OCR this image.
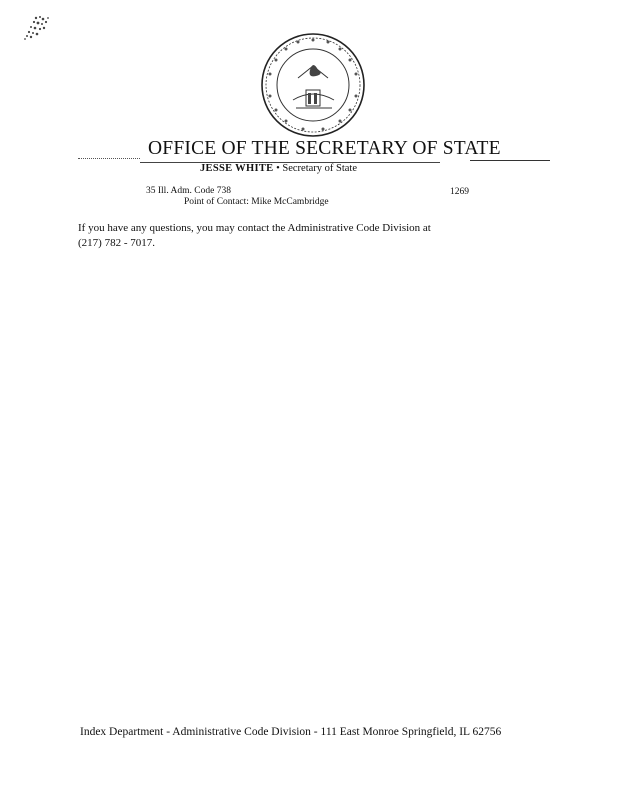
OFFICE OF THE SECRETARY OF STATE
JESSE WHITE • Secretary of State
35 Ill. Adm. Code 738	1269
Point of Contact: Mike McCambridge
If you have any questions, you may contact the Administrative Code Division at
(217) 782 - 7017.
Index Department - Administrative Code Division - 111 East Monroe Springfield, IL 62756
